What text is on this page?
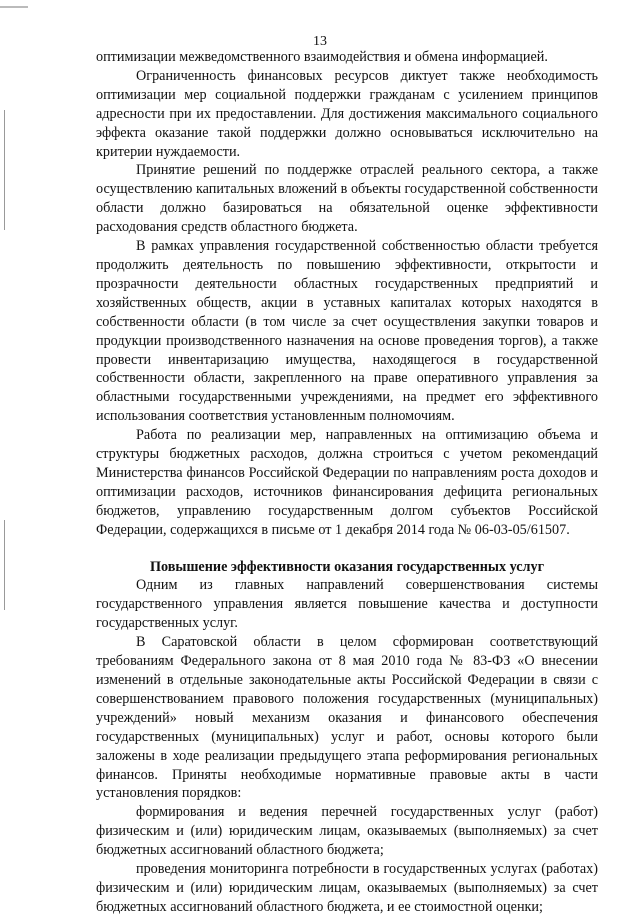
13

оптимизации межведомственного взаимодействия и обмена информацией.

Ограниченность финансовых ресурсов диктует также необходимость оптимизации мер социальной поддержки гражданам с усилением принципов адресности при их предоставлении. Для достижения максимального социального эффекта оказание такой поддержки должно основываться исключительно на критерии нуждаемости.

Принятие решений по поддержке отраслей реального сектора, а также осуществлению капитальных вложений в объекты государственной собственности области должно базироваться на обязательной оценке эффективности расходования средств областного бюджета.

В рамках управления государственной собственностью области требуется продолжить деятельность по повышению эффективности, открытости и прозрачности деятельности областных государственных предприятий и хозяйственных обществ, акции в уставных капиталах которых находятся в собственности области (в том числе за счет осуществления закупки товаров и продукции производственного назначения на основе проведения торгов), а также провести инвентаризацию имущества, находящегося в государственной собственности области, закрепленного на праве оперативного управления за областными государственными учреждениями, на предмет его эффективного использования соответствия установленным полномочиям.

Работа по реализации мер, направленных на оптимизацию объема и структуры бюджетных расходов, должна строиться с учетом рекомендаций Министерства финансов Российской Федерации по направлениям роста доходов и оптимизации расходов, источников финансирования дефицита региональных бюджетов, управлению государственным долгом субъектов Российской Федерации, содержащихся в письме от 1 декабря 2014 года № 06-03-05/61507.

Повышение эффективности оказания государственных услуг

Одним из главных направлений совершенствования системы государственного управления является повышение качества и доступности государственных услуг.

В Саратовской области в целом сформирован соответствующий требованиям Федерального закона от 8 мая 2010 года № 83-ФЗ «О внесении изменений в отдельные законодательные акты Российской Федерации в связи с совершенствованием правового положения государственных (муниципальных) учреждений» новый механизм оказания и финансового обеспечения государственных (муниципальных) услуг и работ, основы которого были заложены в ходе реализации предыдущего этапа реформирования региональных финансов. Приняты необходимые нормативные правовые акты в части установления порядков:

формирования и ведения перечней государственных услуг (работ) физическим и (или) юридическим лицам, оказываемых (выполняемых) за счет бюджетных ассигнований областного бюджета;

проведения мониторинга потребности в государственных услугах (работах) физическим и (или) юридическим лицам, оказываемых (выполняемых) за счет бюджетных ассигнований областного бюджета, и ее стоимостной оценки;
